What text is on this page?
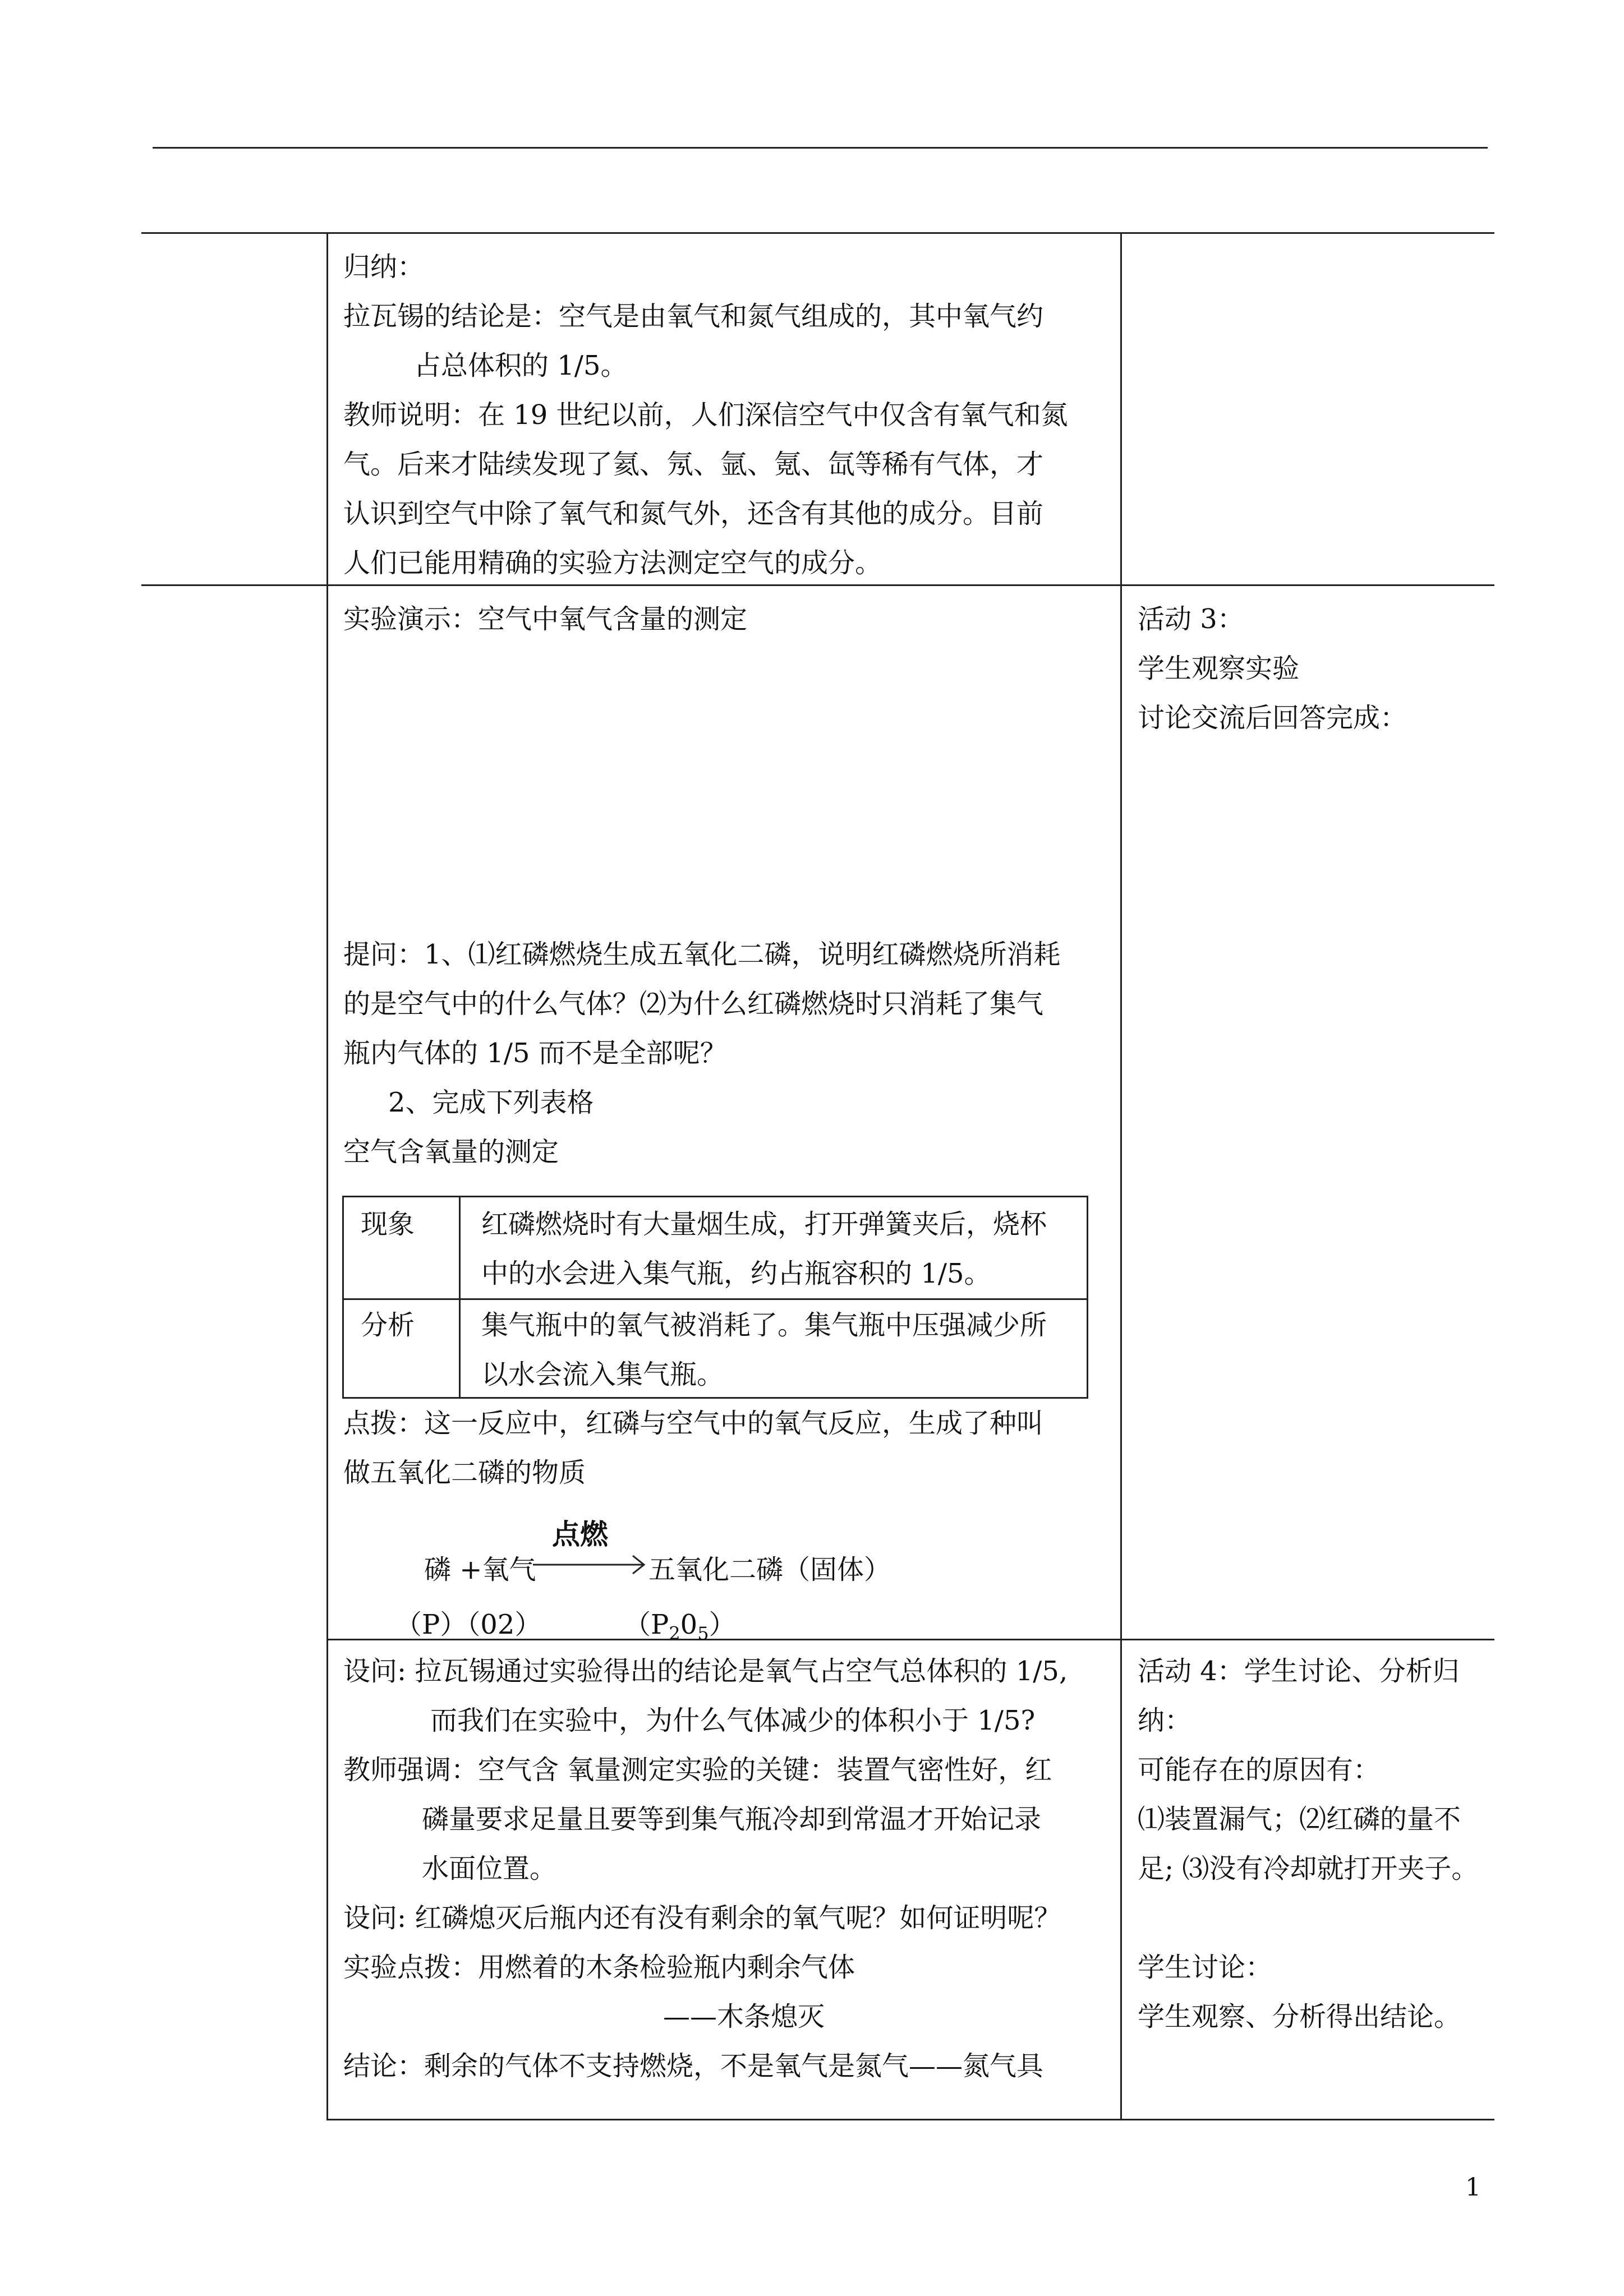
归纳：

拉瓦锡的结论是：空气是由氧气和氮气组成的，其中氧气约

占总体积的 1/5。

教师说明：在 19 世纪以前，人们深信空气中仅含有氧气和氮

气。后来才陆续发现了氦、氖、氩、氪、氙等稀有气体，才

认识到空气中除了氧气和氮气外，还含有其他的成分。目前

人们已能用精确的实验方法测定空气的成分。

实验演示：空气中氧气含量的测定

提问：1、⑴红磷燃烧生成五氧化二磷，说明红磷燃烧所消耗

的是空气中的什么气体？⑵为什么红磷燃烧时只消耗了集气

瓶内气体的 1/5 而不是全部呢？

2、完成下列表格

空气含氧量的测定

现象 红磷燃烧时有大量烟生成，打开弹簧夹后，烧杯

中的水会进入集气瓶，约占瓶容积的 1/5。

分析 集气瓶中的氧气被消耗了。集气瓶中压强减少所

以水会流入集气瓶。

点拨：这一反应中，红磷与空气中的氧气反应，生成了种叫

做五氧化二磷的物质

磷 +氧气
点燃
五氧化二磷（固体）
（P）（02）	$(P_20_5)$

活动 3：

学生观察实验

讨论交流后回答完成：

设问: 拉瓦锡通过实验得出的结论是氧气占空气总体积的 1/5,

而我们在实验中，为什么气体减少的体积小于 1/5?

教师强调：空气含 氧量测定实验的关键：装置气密性好，红

磷量要求足量且要等到集气瓶冷却到常温才开始记录

水面位置。

设问: 红磷熄灭后瓶内还有没有剩余的氧气呢？如何证明呢？

实验点拨：用燃着的木条检验瓶内剩余气体

——木条熄灭

结论：剩余的气体不支持燃烧，不是氧气是氮气——氮气具

活动 4：学生讨论、分析归

纳：

可能存在的原因有：

⑴装置漏气；⑵红磷的量不

足; ⑶没有冷却就打开夹子。

学生讨论：

学生观察、分析得出结论。

1
